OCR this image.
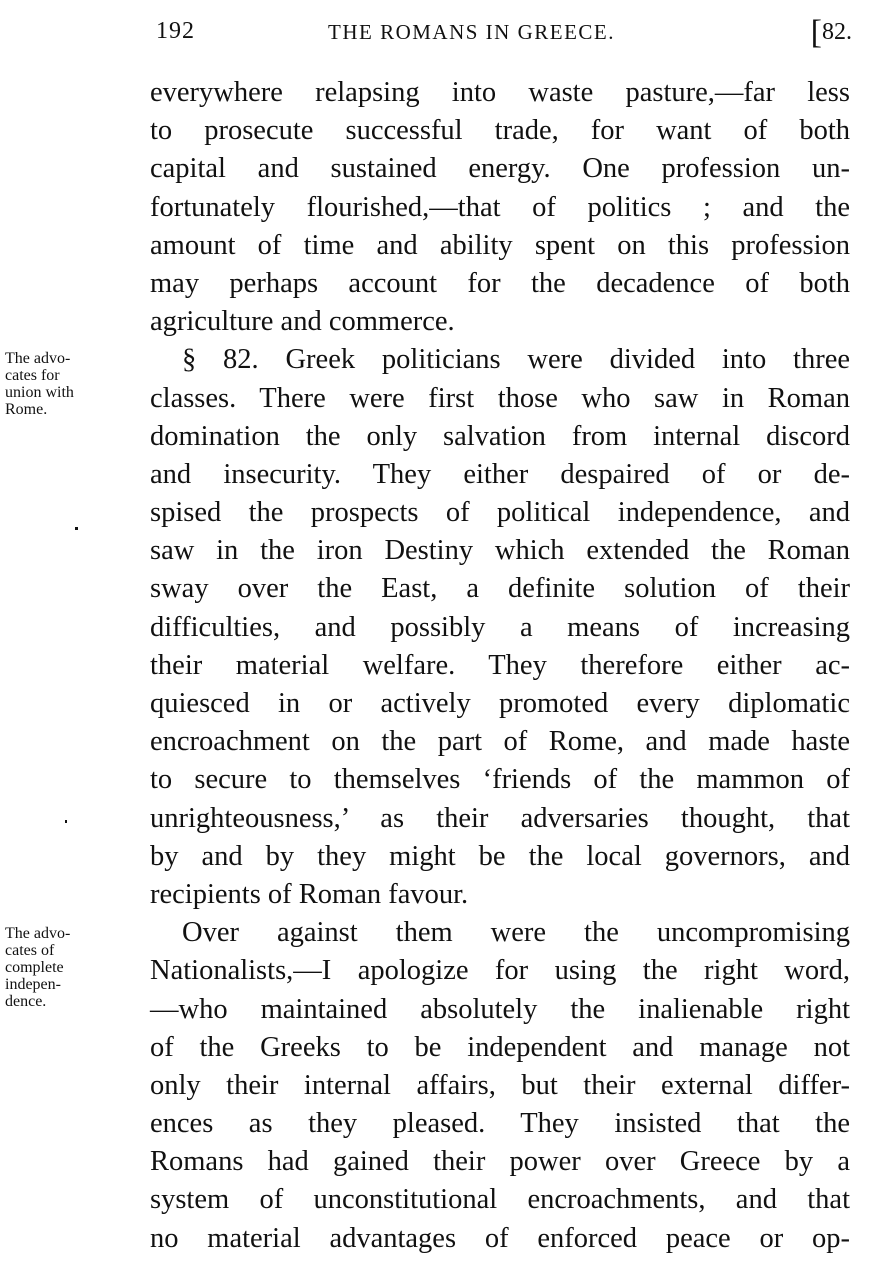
192	THE ROMANS IN GREECE.	[82.
The advo-
cates for
union with
Rome.
The advo-
cates of
complete
indepen-
dence.
everywhere relapsing into waste pasture,—far less
to prosecute successful trade, for want of both
capital and sustained energy. One profession un-
fortunately flourished,—that of politics ; and the
amount of time and ability spent on this profession
may perhaps account for the decadence of both
agriculture and commerce.
§ 82. Greek politicians were divided into three
classes. There were first those who saw in Roman
domination the only salvation from internal discord
and insecurity. They either despaired of or de-
spised the prospects of political independence, and
saw in the iron Destiny which extended the Roman
sway over the East, a definite solution of their
difficulties, and possibly a means of increasing
their material welfare. They therefore either ac-
quiesced in or actively promoted every diplomatic
encroachment on the part of Rome, and made haste
to secure to themselves ‘friends of the mammon of
unrighteousness,’ as their adversaries thought, that
by and by they might be the local governors, and
recipients of Roman favour.
Over against them were the uncompromising
Nationalists,—I apologize for using the right word,
—who maintained absolutely the inalienable right
of the Greeks to be independent and manage not
only their internal affairs, but their external differ-
ences as they pleased. They insisted that the
Romans had gained their power over Greece by a
system of unconstitutional encroachments, and that
no material advantages of enforced peace or op-
